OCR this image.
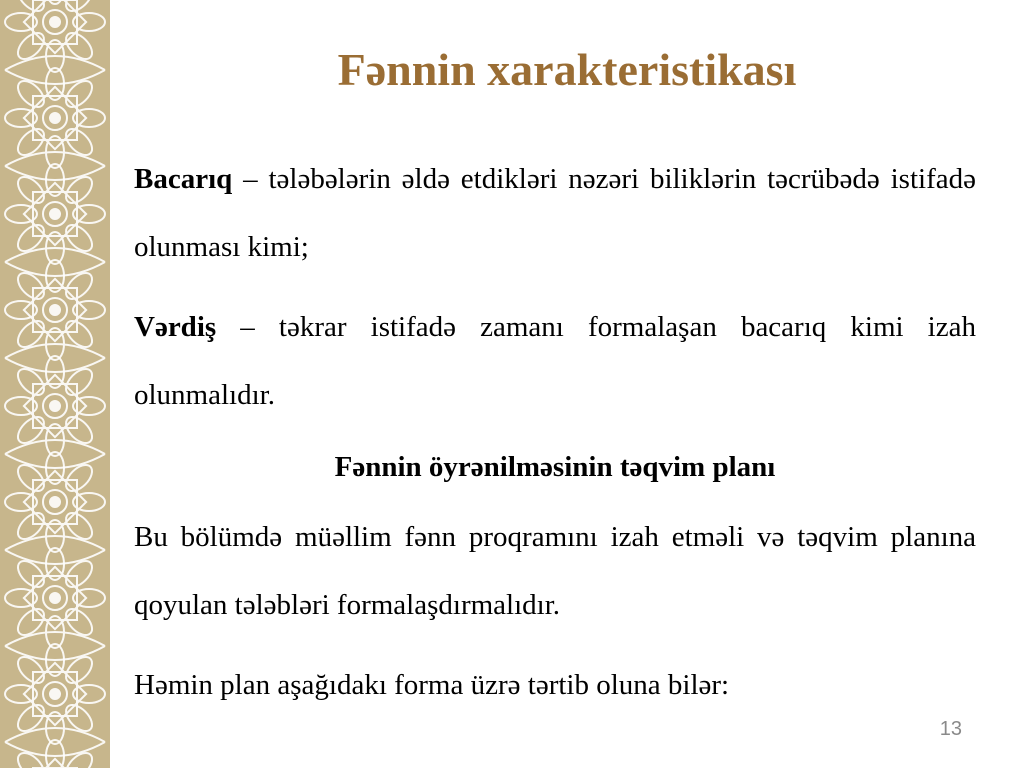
Fənnin xarakteristikası

Bacarıq – tələbələrin əldə etdikləri nəzəri biliklərin təcrübədə istifadə olunması kimi;

Vərdiş – təkrar istifadə zamanı formalaşan bacarıq kimi izah olunmalıdır.

Fənnin öyrənilməsinin təqvim planı

Bu bölümdə müəllim fənn proqramını izah etməli və təqvim planına qoyulan tələbləri formalaşdırmalıdır.

Həmin plan aşağıdakı forma üzrə tərtib oluna bilər:

13
